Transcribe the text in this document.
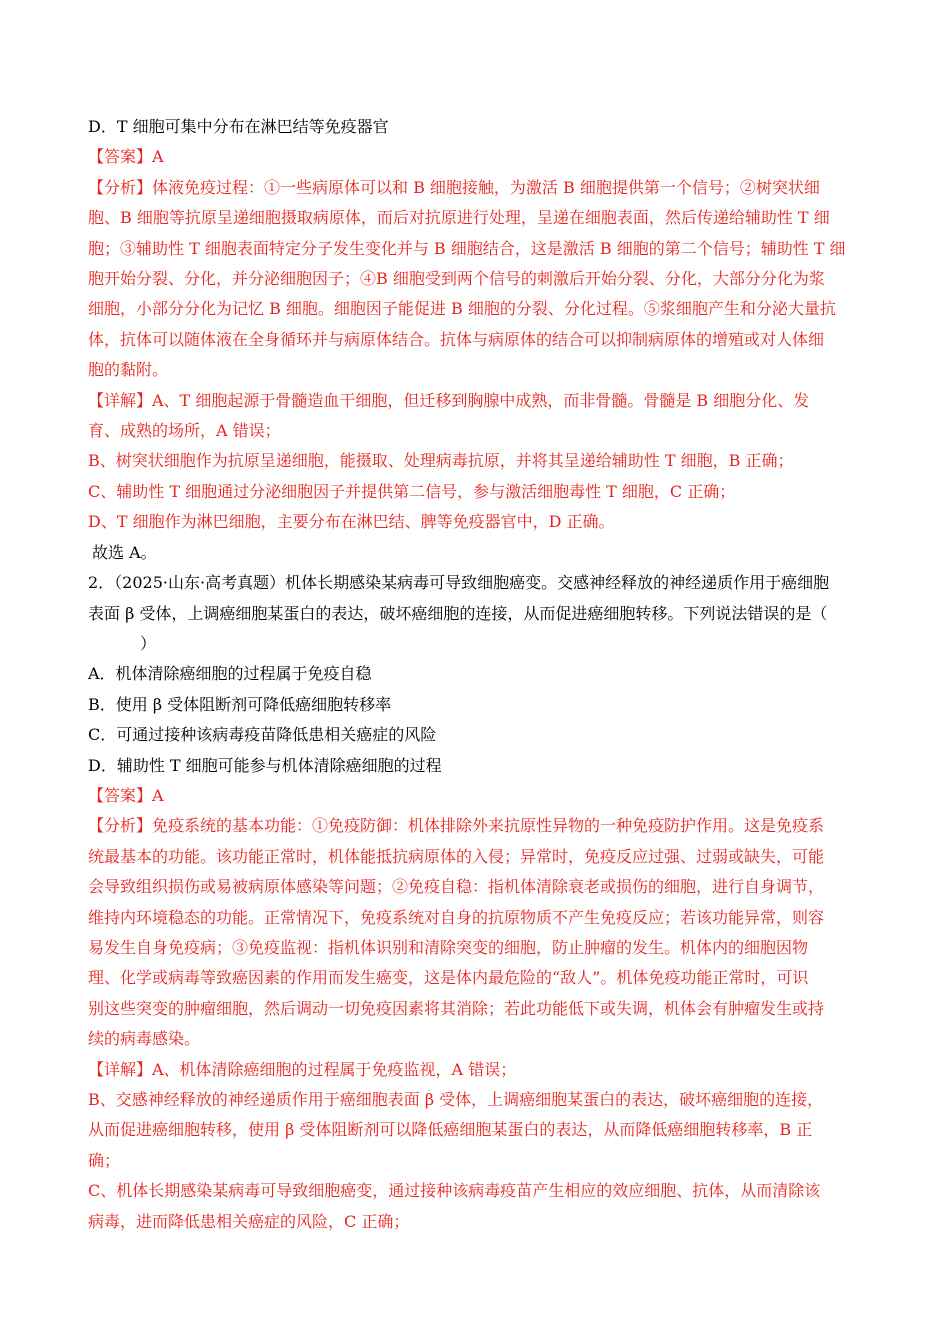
D．T 细胞可集中分布在淋巴结等免疫器官
【答案】A
【分析】体液免疫过程：①一些病原体可以和 B 细胞接触，为激活 B 细胞提供第一个信号；②树突状细
胞、B 细胞等抗原呈递细胞摄取病原体，而后对抗原进行处理，呈递在细胞表面，然后传递给辅助性 T 细
胞；③辅助性 T 细胞表面特定分子发生变化并与 B 细胞结合，这是激活 B 细胞的第二个信号；辅助性 T 细
胞开始分裂、分化，并分泌细胞因子；④B 细胞受到两个信号的刺激后开始分裂、分化，大部分分化为浆
细胞，小部分分化为记忆 B 细胞。细胞因子能促进 B 细胞的分裂、分化过程。⑤浆细胞产生和分泌大量抗
体，抗体可以随体液在全身循环并与病原体结合。抗体与病原体的结合可以抑制病原体的增殖或对人体细
胞的黏附。
【详解】A、T 细胞起源于骨髓造血干细胞，但迁移到胸腺中成熟，而非骨髓。骨髓是 B 细胞分化、发
育、成熟的场所，A 错误；
B、树突状细胞作为抗原呈递细胞，能摄取、处理病毒抗原，并将其呈递给辅助性 T 细胞，B 正确；
C、辅助性 T 细胞通过分泌细胞因子并提供第二信号，参与激活细胞毒性 T 细胞，C 正确；
D、T 细胞作为淋巴细胞，主要分布在淋巴结、脾等免疫器官中，D 正确。
故选 A。
2．（2025·山东·高考真题）机体长期感染某病毒可导致细胞癌变。交感神经释放的神经递质作用于癌细胞
表面 β 受体，上调癌细胞某蛋白的表达，破坏癌细胞的连接，从而促进癌细胞转移。下列说法错误的是（
）
A．机体清除癌细胞的过程属于免疫自稳
B．使用 β 受体阻断剂可降低癌细胞转移率
C．可通过接种该病毒疫苗降低患相关癌症的风险
D．辅助性 T 细胞可能参与机体清除癌细胞的过程
【答案】A
【分析】免疫系统的基本功能：①免疫防御：机体排除外来抗原性异物的一种免疫防护作用。这是免疫系
统最基本的功能。该功能正常时，机体能抵抗病原体的入侵；异常时，免疫反应过强、过弱或缺失，可能
会导致组织损伤或易被病原体感染等问题；②免疫自稳：指机体清除衰老或损伤的细胞，进行自身调节，
维持内环境稳态的功能。正常情况下，免疫系统对自身的抗原物质不产生免疫反应；若该功能异常，则容
易发生自身免疫病；③免疫监视：指机体识别和清除突变的细胞，防止肿瘤的发生。机体内的细胞因物
理、化学或病毒等致癌因素的作用而发生癌变，这是体内最危险的“敌人”。机体免疫功能正常时，可识
别这些突变的肿瘤细胞，然后调动一切免疫因素将其消除；若此功能低下或失调，机体会有肿瘤发生或持
续的病毒感染。
【详解】A、机体清除癌细胞的过程属于免疫监视，A 错误；
B、交感神经释放的神经递质作用于癌细胞表面 β 受体，上调癌细胞某蛋白的表达，破坏癌细胞的连接，
从而促进癌细胞转移，使用 β 受体阻断剂可以降低癌细胞某蛋白的表达，从而降低癌细胞转移率，B 正
确；
C、机体长期感染某病毒可导致细胞癌变，通过接种该病毒疫苗产生相应的效应细胞、抗体，从而清除该
病毒，进而降低患相关癌症的风险，C 正确；
